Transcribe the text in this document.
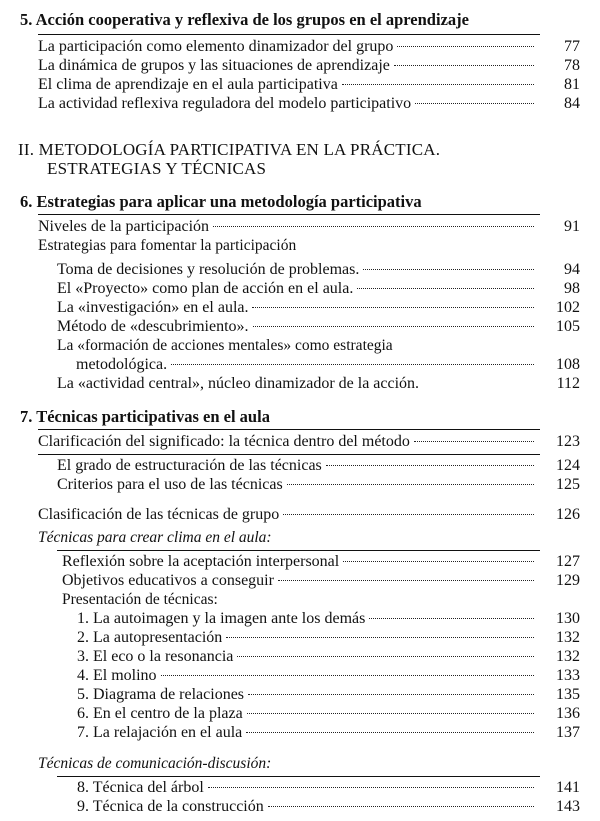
5. Acción cooperativa y reflexiva de los grupos en el aprendizaje
La participación como elemento dinamizador del grupo	77
La dinámica de grupos y las situaciones de aprendizaje	78
El clima de aprendizaje en el aula participativa	81
La actividad reflexiva reguladora del modelo participativo	84
II. METODOLOGÍA PARTICIPATIVA EN LA PRÁCTICA.
ESTRATEGIAS Y TÉCNICAS
6. Estrategias para aplicar una metodología participativa
Niveles de la participación	91
Estrategias para fomentar la participación
Toma de decisiones y resolución de problemas.	94
El «Proyecto» como plan de acción en el aula.	98
La «investigación» en el aula.	102
Método de «descubrimiento».	105
La «formación de acciones mentales» como estrategia
metodológica.	108
La «actividad central», núcleo dinamizador de la acción.	112
7. Técnicas participativas en el aula
Clarificación del significado: la técnica dentro del método	123
El grado de estructuración de las técnicas	124
Criterios para el uso de las técnicas	125
Clasificación de las técnicas de grupo	126
Técnicas para crear clima en el aula:
Reflexión sobre la aceptación interpersonal	127
Objetivos educativos a conseguir	129
Presentación de técnicas:
1. La autoimagen y la imagen ante los demás	130
2. La autopresentación	132
3. El eco o la resonancia	132
4. El molino	133
5. Diagrama de relaciones	135
6. En el centro de la plaza	136
7. La relajación en el aula	137
Técnicas de comunicación-discusión:
8. Técnica del árbol	141
9. Técnica de la construcción	143
